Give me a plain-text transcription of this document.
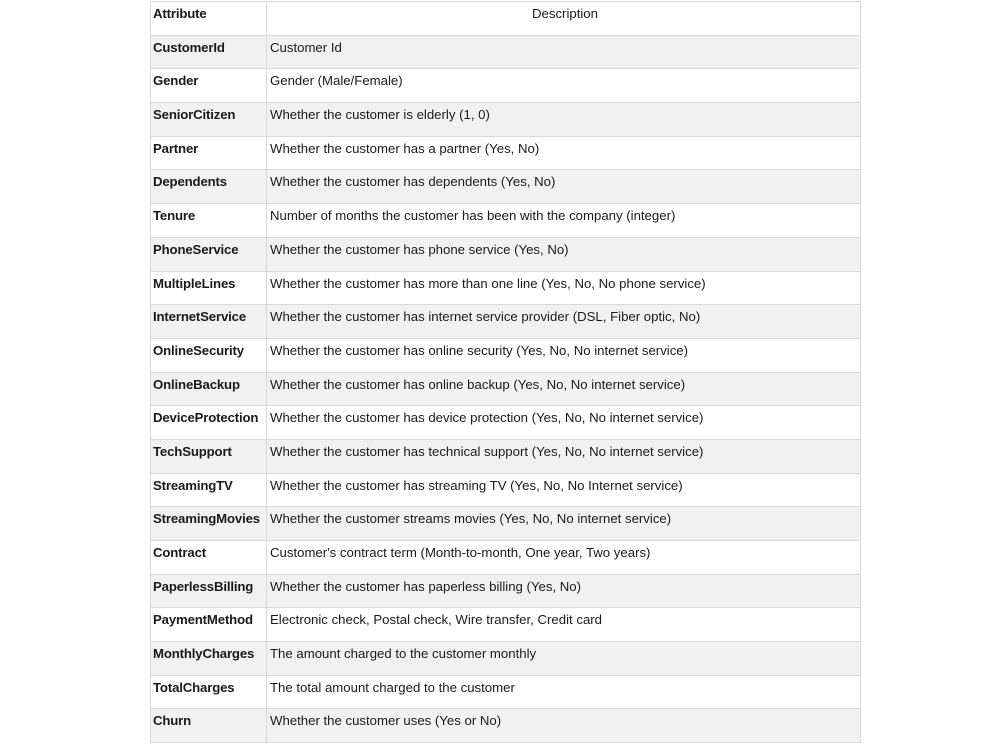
Attribute	Description
CustomerId	Customer Id
Gender	Gender (Male/Female)
SeniorCitizen	Whether the customer is elderly (1, 0)
Partner	Whether the customer has a partner (Yes, No)
Dependents	Whether the customer has dependents (Yes, No)
Tenure	Number of months the customer has been with the company (integer)
PhoneService	Whether the customer has phone service (Yes, No)
MultipleLines	Whether the customer has more than one line (Yes, No, No phone service)
InternetService	Whether the customer has internet service provider (DSL, Fiber optic, No)
OnlineSecurity	Whether the customer has online security (Yes, No, No internet service)
OnlineBackup	Whether the customer has online backup (Yes, No, No internet service)
DeviceProtection	Whether the customer has device protection (Yes, No, No internet service)
TechSupport	Whether the customer has technical support (Yes, No, No internet service)
StreamingTV	Whether the customer has streaming TV (Yes, No, No Internet service)
StreamingMovies	Whether the customer streams movies (Yes, No, No internet service)
Contract	Customer's contract term (Month-to-month, One year, Two years)
PaperlessBilling	Whether the customer has paperless billing (Yes, No)
PaymentMethod	Electronic check, Postal check, Wire transfer, Credit card
MonthlyCharges	The amount charged to the customer monthly
TotalCharges	The total amount charged to the customer
Churn	Whether the customer uses (Yes or No)
